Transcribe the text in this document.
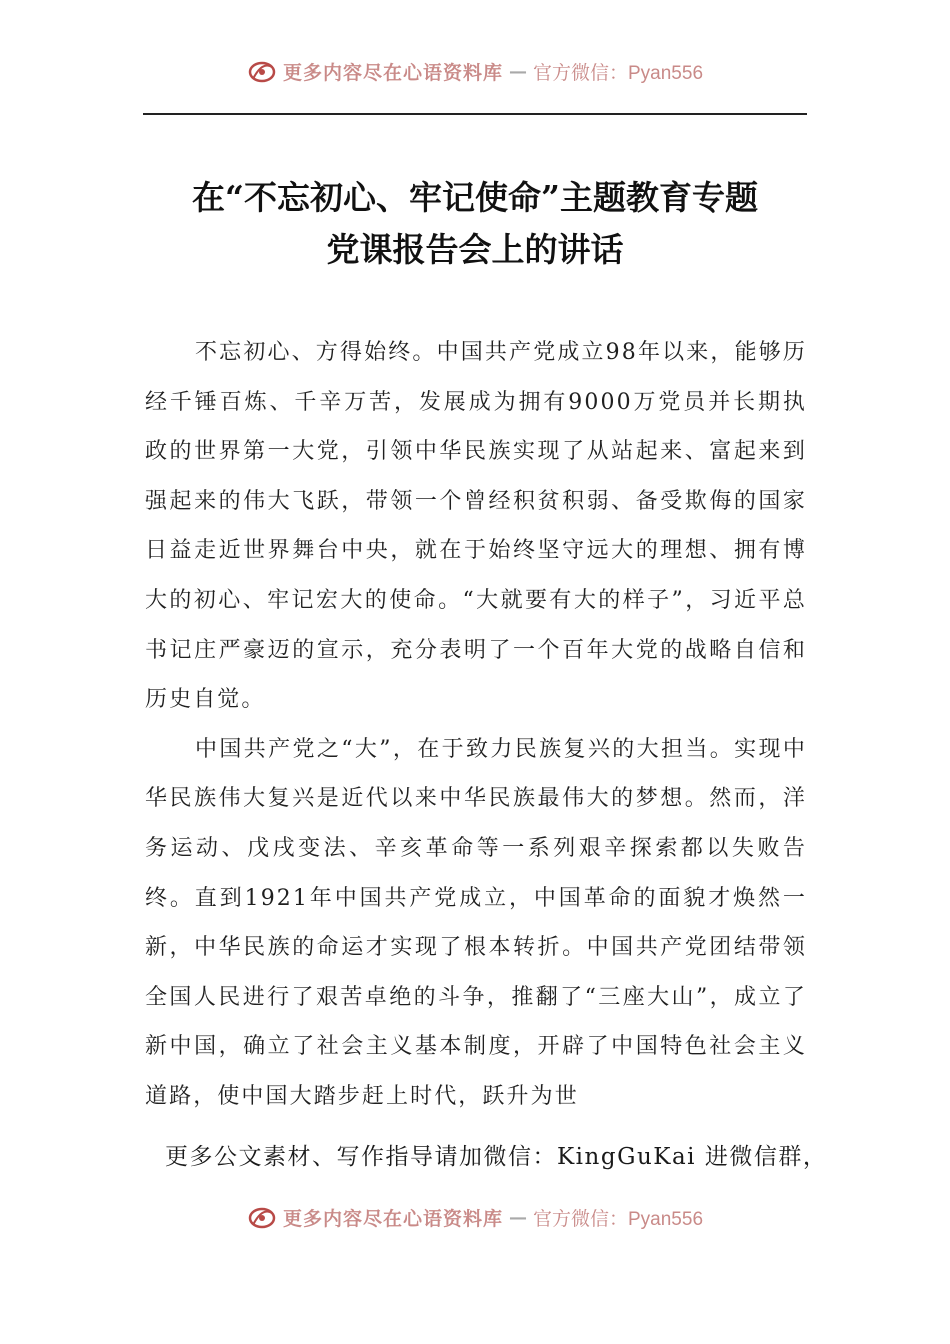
更多内容尽在心语资料库 — 官方微信：Pyan556
在“不忘初心、牢记使命”主题教育专题
党课报告会上的讲话

不忘初心、方得始终。中国共产党成立98年以来，能够历经千锤百炼、千辛万苦，发展成为拥有9000万党员并长期执政的世界第一大党，引领中华民族实现了从站起来、富起来到强起来的伟大飞跃，带领一个曾经积贫积弱、备受欺侮的国家日益走近世界舞台中央，就在于始终坚守远大的理想、拥有博大的初心、牢记宏大的使命。“大就要有大的样子”，习近平总书记庄严豪迈的宣示，充分表明了一个百年大党的战略自信和历史自觉。

中国共产党之“大”，在于致力民族复兴的大担当。实现中华民族伟大复兴是近代以来中华民族最伟大的梦想。然而，洋务运动、戊戌变法、辛亥革命等一系列艰辛探索都以失败告终。直到1921年中国共产党成立，中国革命的面貌才焕然一新，中华民族的命运才实现了根本转折。中国共产党团结带领全国人民进行了艰苦卓绝的斗争，推翻了“三座大山”，成立了新中国，确立了社会主义基本制度，开辟了中国特色社会主义道路，使中国大踏步赶上时代，跃升为世

更多公文素材、写作指导请加微信：KingGuKai 进微信群，

更多内容尽在心语资料库 — 官方微信：Pyan556
